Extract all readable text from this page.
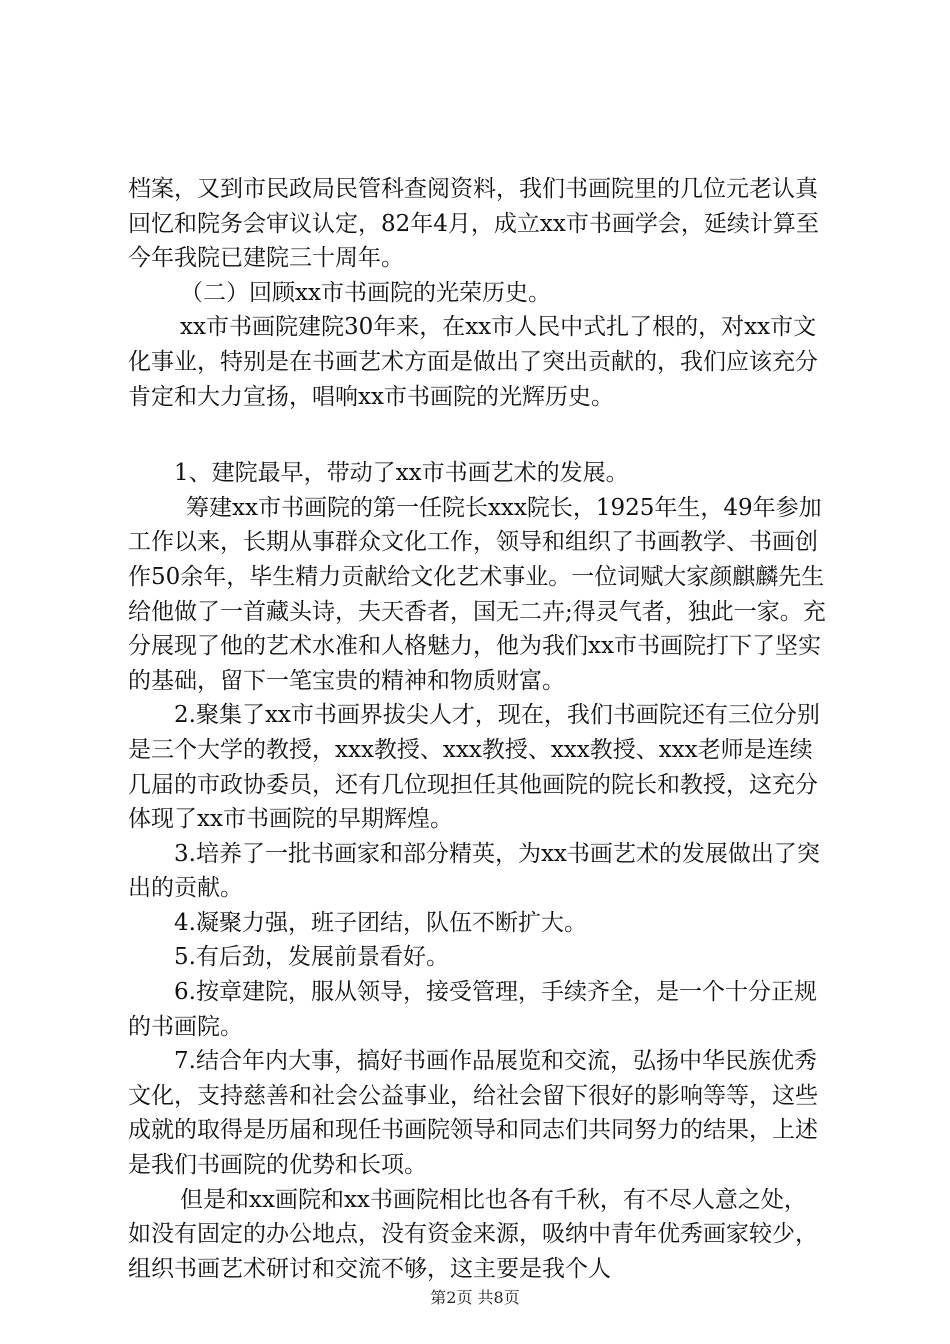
档案，又到市民政局民管科查阅资料，我们书画院里的几位元老认真回忆和院务会审议认定，82年4月，成立xx市书画学会，延续计算至今年我院已建院三十周年。

（二）回顾xx市书画院的光荣历史。

xx市书画院建院30年来，在xx市人民中式扎了根的，对xx市文化事业，特别是在书画艺术方面是做出了突出贡献的，我们应该充分肯定和大力宣扬，唱响xx市书画院的光辉历史。

1、建院最早，带动了xx市书画艺术的发展。

筹建xx市书画院的第一任院长xxx院长，1925年生，49年参加工作以来，长期从事群众文化工作，领导和组织了书画教学、书画创作50余年，毕生精力贡献给文化艺术事业。一位词赋大家颜麒麟先生给他做了一首藏头诗，夫天香者，国无二卉;得灵气者，独此一家。充分展现了他的艺术水准和人格魅力，他为我们xx市书画院打下了坚实的基础，留下一笔宝贵的精神和物质财富。

2.聚集了xx市书画界拔尖人才，现在，我们书画院还有三位分别是三个大学的教授，xxx教授、xxx教授、xxx教授、xxx老师是连续几届的市政协委员，还有几位现担任其他画院的院长和教授，这充分体现了xx市书画院的早期辉煌。

3.培养了一批书画家和部分精英，为xx书画艺术的发展做出了突出的贡献。

4.凝聚力强，班子团结，队伍不断扩大。

5.有后劲，发展前景看好。

6.按章建院，服从领导，接受管理，手续齐全，是一个十分正规的书画院。

7.结合年内大事，搞好书画作品展览和交流，弘扬中华民族优秀文化，支持慈善和社会公益事业，给社会留下很好的影响等等，这些成就的取得是历届和现任书画院领导和同志们共同努力的结果，上述是我们书画院的优势和长项。

但是和xx画院和xx书画院相比也各有千秋，有不尽人意之处，如没有固定的办公地点，没有资金来源，吸纳中青年优秀画家较少，组织书画艺术研讨和交流不够，这主要是我个人

第2页 共8页
